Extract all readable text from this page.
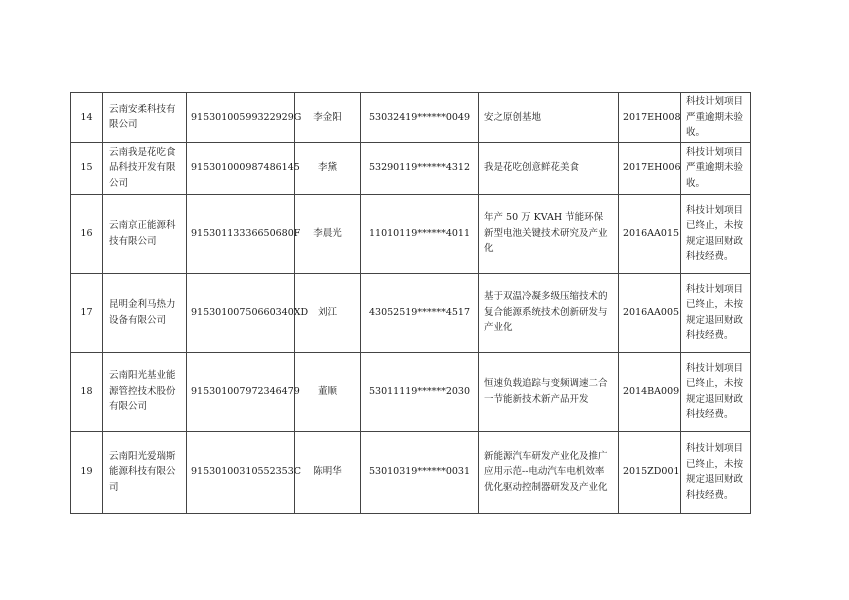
14	云南安柔科技有限公司	91530100599322929G	李金阳	53032419******0049	安之原创基地	2017EH008	科技计划项目严重逾期未验收。
15	云南我是花吃食品科技开发有限公司	915301000987486145	李黛	53290119******4312	我是花吃创意鲜花美食	2017EH006	科技计划项目严重逾期未验收。
16	云南京正能源科技有限公司	91530113336650680F	李晨光	11010119******4011	年产 50 万 KVAH 节能环保新型电池关键技术研究及产业化	2016AA015	科技计划项目已终止，未按规定退回财政科技经费。
17	昆明金利马热力设备有限公司	91530100750660340XD	刘江	43052519******4517	基于双温冷凝多级压缩技术的复合能源系统技术创新研发与产业化	2016AA005	科技计划项目已终止，未按规定退回财政科技经费。
18	云南阳光基业能源管控技术股份有限公司	915301007972346479	董顺	53011119******2030	恒速负载追踪与变频调速二合一节能新技术新产品开发	2014BA009	科技计划项目已终止，未按规定退回财政科技经费。
19	云南阳光爱瑞斯能源科技有限公司	91530100310552353C	陈明华	53010319******0031	新能源汽车研发产业化及推广应用示范--电动汽车电机效率优化驱动控制器研发及产业化	2015ZD001	科技计划项目已终止，未按规定退回财政科技经费。
